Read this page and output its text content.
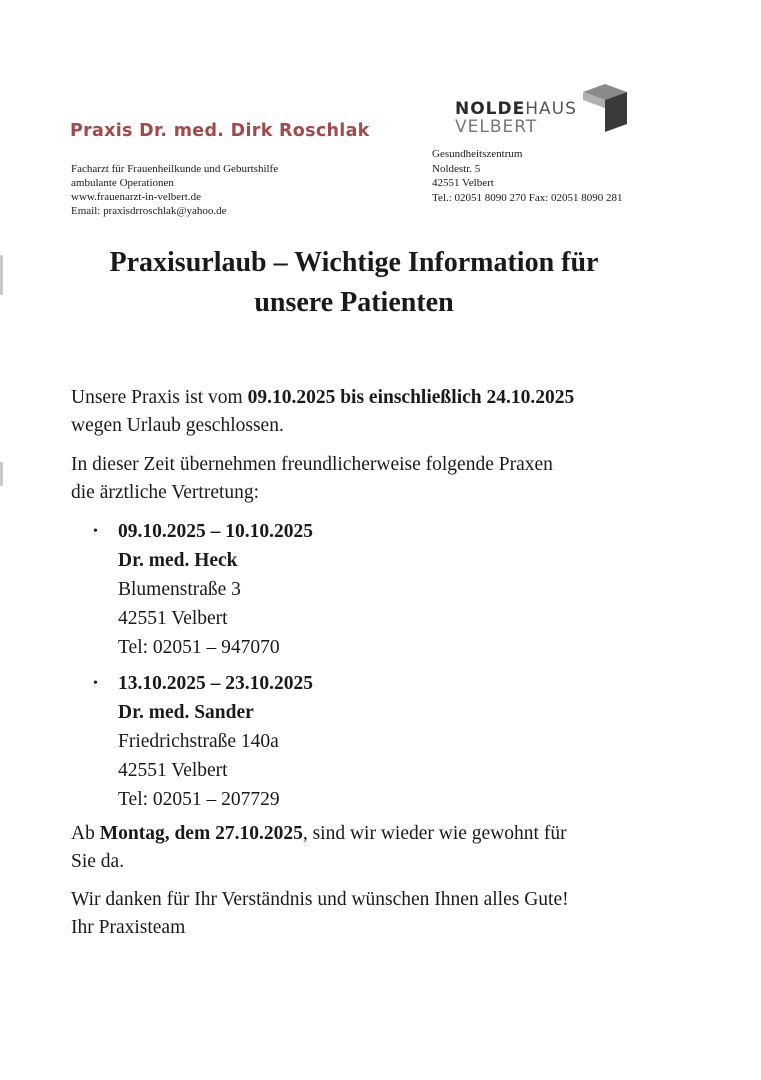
Praxis Dr. med. Dirk Roschlak
Facharzt für Frauenheilkunde und Geburtshilfe
ambulante Operationen
www.frauenarzt-in-velbert.de
Email: praxisdrroschlak@yahoo.de
NOLDEHAUS
VELBERT
Gesundheitszentrum
Noldestr. 5
42551 Velbert
Tel.: 02051 8090 270 Fax: 02051 8090 281
Praxisurlaub – Wichtige Information für
unsere Patienten
Unsere Praxis ist vom 09.10.2025 bis einschließlich 24.10.2025
wegen Urlaub geschlossen.
In dieser Zeit übernehmen freundlicherweise folgende Praxen
die ärztliche Vertretung:
• 09.10.2025 – 10.10.2025
Dr. med. Heck
Blumenstraße 3
42551 Velbert
Tel: 02051 – 947070
• 13.10.2025 – 23.10.2025
Dr. med. Sander
Friedrichstraße 140a
42551 Velbert
Tel: 02051 – 207729
Ab Montag, dem 27.10.2025, sind wir wieder wie gewohnt für
Sie da.
Wir danken für Ihr Verständnis und wünschen Ihnen alles Gute!
Ihr Praxisteam
